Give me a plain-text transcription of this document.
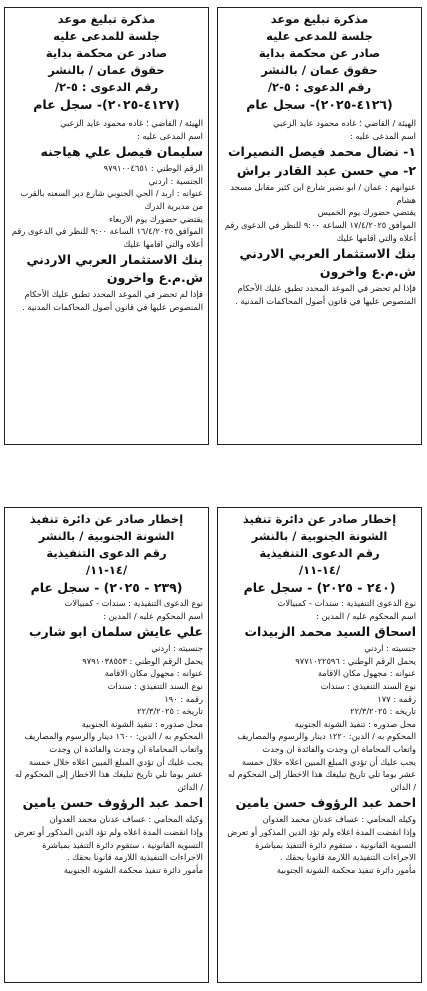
مذكرة تبليغ موعد

جلسة للمدعى عليه

صادر عن محكمة بداية

حقوق عمان / بالنشر

رقم الدعوى : ٥-٢/

(٤١٢٦-٢٠٢٥)- سجل عام

الهيئة / القاضي ؛ غاده محمود عايد الزعبي

اسم المدعى عليه :

١- نضال محمد فيصل النصيرات

٢- مي حسن عبد القادر براش

عنوانهم : عمان / ابو نصير شارع ابن كثير مقابل مسجد هشام

يقتضي حضورك يوم الخميس

الموافق ١٧/٤/٢٠٢٥ الساعة ٩:٠٠ للنظر في الدعوى رقم أعلاه والتي اقامها عليك

بنك الاستثمار العربي الاردني ش.م.ع واخرون

فإذا لم تحضر في الموعد المحدد تطبق عليك الأحكام المنصوص عليها في قانون أصول المحاكمات المدنية .

مذكرة تبليغ موعد

جلسة للمدعى عليه

صادر عن محكمة بداية

حقوق عمان / بالنشر

رقم الدعوى : ٥-٢/

(٤١٢٧-٢٠٢٥)- سجل عام

الهيئة / القاضي ؛ غاده محمود عايد الزعبي

اسم المدعى عليه :

سليمان فيصل علي هياجنه

الرقم الوطني : ٩٧٩١٠٠٤٦٥١

الجنسية : اردني

عنوانه : اربد / الحي الجنوبي شارع دير السعنه بالقرب من مديرية الدرك

يقتضي حضورك يوم الاربعاء

الموافق ١٦/٤/٢٠٢٥ الساعة ٩:٠٠ للنظر في الدعوى رقم أعلاه والتي اقامها عليك

بنك الاستثمار العربي الاردني ش.م.ع واخرون

فإذا لم تحضر في الموعد المحدد تطبق عليك الأحكام المنصوص عليها في قانون أصول المحاكمات المدنية .

إخطار صادر عن دائرة تنفيذ

الشونة الجنوبية / بالنشر

رقم الدعوى التنفيذية

/١٤-١١/

(٢٤٠ - ٢٠٢٥) - سجل عام

نوع الدعوى التنفيذية : سندات - كمبيالات

اسم المحكوم عليه / المدين :

اسحاق السيد محمد الزبيدات

جنسيته : اردني

يحمل الرقم الوطني : ٩٧٧١٠٢٢٥٩٦

عنوانه : مجهول مكان الاقامة

نوع السند التنفيذي : سندات

رقمه : ١٧٧

تاريخه : ٢٢/٣/٢٠٢٥

محل صدوره : تنفيذ الشونة الجنوبية

المحكوم به / الدين: ١٢٢٠ دينار والرسوم والمصاريف واتعاب المحاماة ان وجدت والفائدة ان وجدت

يجب عليك أن تؤدي المبلغ المبين اعلاه خلال خمسة عشر يوما تلي تاريخ تبليغك هذا الاخطار إلى المحكوم له / الدائن

احمد عبد الرؤوف حسن يامين

وكيله المحامي : عساف عدنان محمد العدوان

وإذا انقضت المدة اعلاه ولم تؤد الدين المذكور أو تعرض التسوية القانونية ، ستقوم دائرة التنفيذ بمباشرة الاجراءات التنفيذية اللازمة قانونا بحقك .

مأمور دائرة تنفيذ محكمة الشونة الجنوبية

إخطار صادر عن دائرة تنفيذ

الشونة الجنوبية / بالنشر

رقم الدعوى التنفيذية

/١٤-١١/

(٢٣٩ - ٢٠٢٥) - سجل عام

نوع الدعوى التنفيذية : سندات - كمبيالات

اسم المحكوم عليه / المدين :

علي عايش سلمان ابو شارب

جنسيته : اردني

يحمل الرقم الوطني : ٩٧٩١٠٣٨٥٥٣

عنوانه : مجهول مكان الاقامة

نوع السند التنفيذي : سندات

رقمه : ١٩٠

تاريخه : ٢٢/٣/٢٠٢٥

محل صدوره : تنفيذ الشونة الجنوبية

المحكوم به / الدين: ١٦٠٠ دينار والرسوم والمصاريف واتعاب المحاماة ان وجدت والفائدة ان وجدت

يجب عليك أن تؤدي المبلغ المبين اعلاه خلال خمسة عشر يوما تلي تاريخ تبليغك هذا الاخطار إلى المحكوم له / الدائن

احمد عبد الرؤوف حسن يامين

وكيله المحامي : عساف عدنان محمد العدوان

وإذا انقضت المدة اعلاه ولم تؤد الدين المذكور أو تعرض التسوية القانونية ، ستقوم دائرة التنفيذ بمباشرة الاجراءات التنفيذية اللازمة قانونا بحقك .

مأمور دائرة تنفيذ محكمة الشونة الجنوبية
